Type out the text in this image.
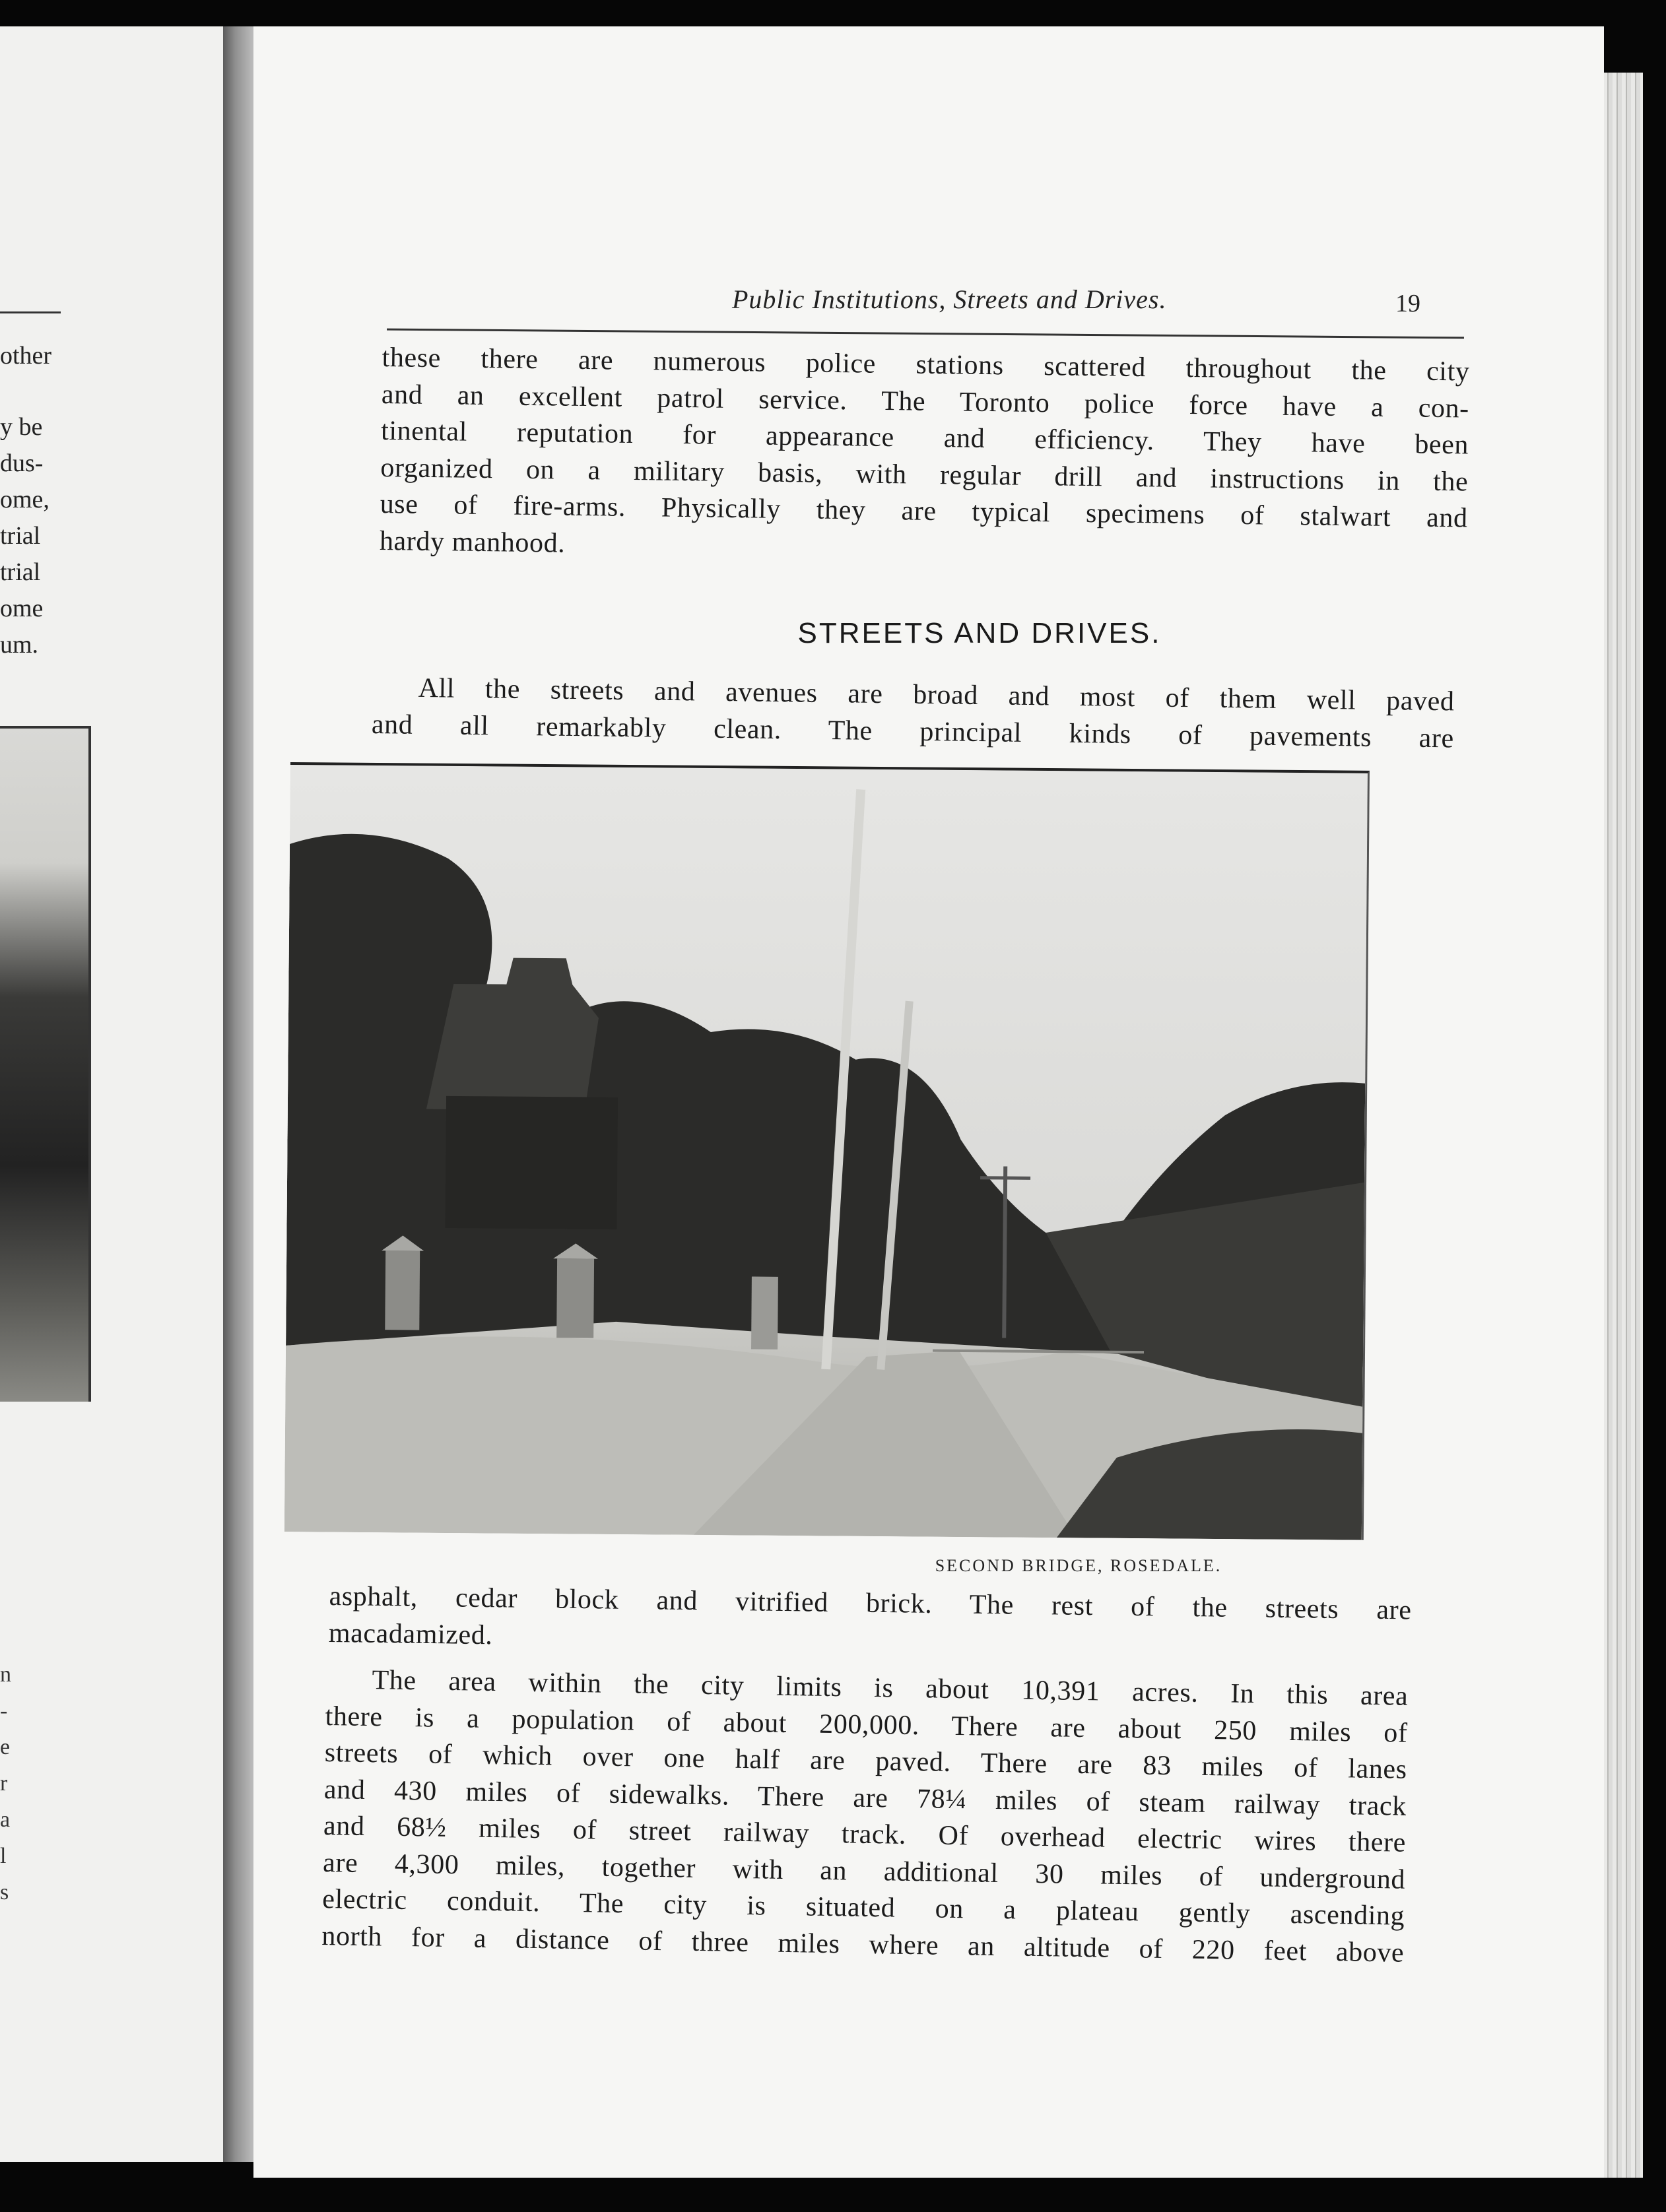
other
y be
dus-
ome,
trial
trial
ome
um.
n
-
e
r
a
l
s
Public Institutions, Streets and Drives.	19
these there are numerous police stations scattered throughout the city
and an excellent patrol service. The Toronto police force have a con-
tinental reputation for appearance and efficiency. They have been
organized on a military basis, with regular drill and instructions in the
use of fire-arms. Physically they are typical specimens of stalwart and
hardy manhood.
STREETS AND DRIVES.
All the streets and avenues are broad and most of them well paved
and all remarkably clean. The principal kinds of pavements are
SECOND BRIDGE, ROSEDALE.
asphalt, cedar block and vitrified brick. The rest of the streets are
macadamized.
The area within the city limits is about 10,391 acres. In this area
there is a population of about 200,000. There are about 250 miles of
streets of which over one half are paved. There are 83 miles of lanes
and 430 miles of sidewalks. There are 78¼ miles of steam railway track
and 68½ miles of street railway track. Of overhead electric wires there
are 4,300 miles, together with an additional 30 miles of underground
electric conduit. The city is situated on a plateau gently ascending
north for a distance of three miles where an altitude of 220 feet above
